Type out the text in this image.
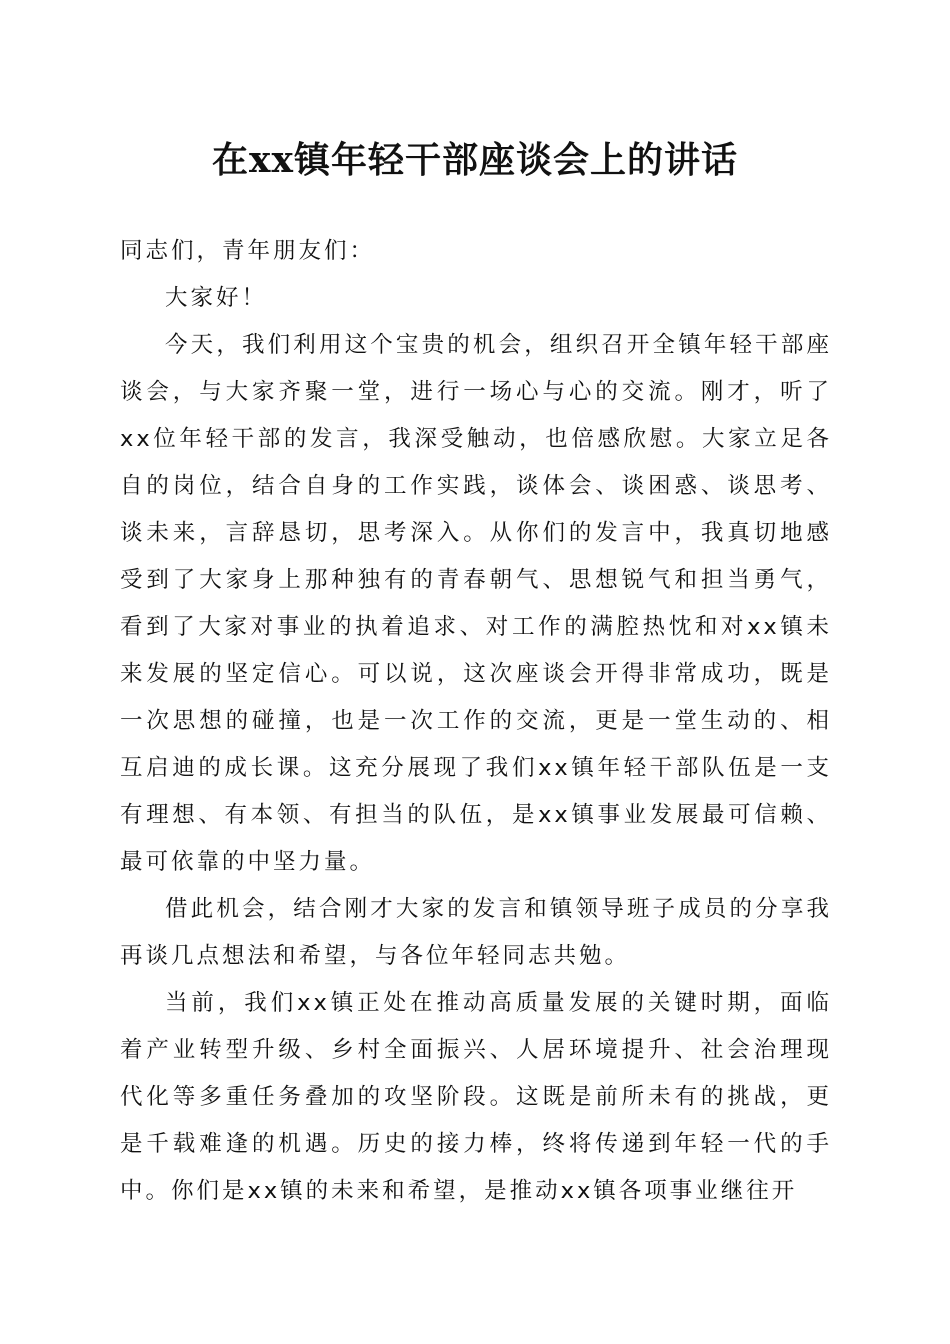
在xx镇年轻干部座谈会上的讲话

同志们，青年朋友们：

大家好！

今天，我们利用这个宝贵的机会，组织召开全镇年轻干部座谈会，与大家齐聚一堂，进行一场心与心的交流。刚才，听了xx位年轻干部的发言，我深受触动，也倍感欣慰。大家立足各自的岗位，结合自身的工作实践，谈体会、谈困惑、谈思考、谈未来，言辞恳切，思考深入。从你们的发言中，我真切地感受到了大家身上那种独有的青春朝气、思想锐气和担当勇气，看到了大家对事业的执着追求、对工作的满腔热忱和对xx镇未来发展的坚定信心。可以说，这次座谈会开得非常成功，既是一次思想的碰撞，也是一次工作的交流，更是一堂生动的、相互启迪的成长课。这充分展现了我们xx镇年轻干部队伍是一支有理想、有本领、有担当的队伍，是xx镇事业发展最可信赖、最可依靠的中坚力量。

借此机会，结合刚才大家的发言和镇领导班子成员的分享我再谈几点想法和希望，与各位年轻同志共勉。

当前，我们xx镇正处在推动高质量发展的关键时期，面临着产业转型升级、乡村全面振兴、人居环境提升、社会治理现代化等多重任务叠加的攻坚阶段。这既是前所未有的挑战，更是千载难逢的机遇。历史的接力棒，终将传递到年轻一代的手中。你们是xx镇的未来和希望，是推动xx镇各项事业继往开
